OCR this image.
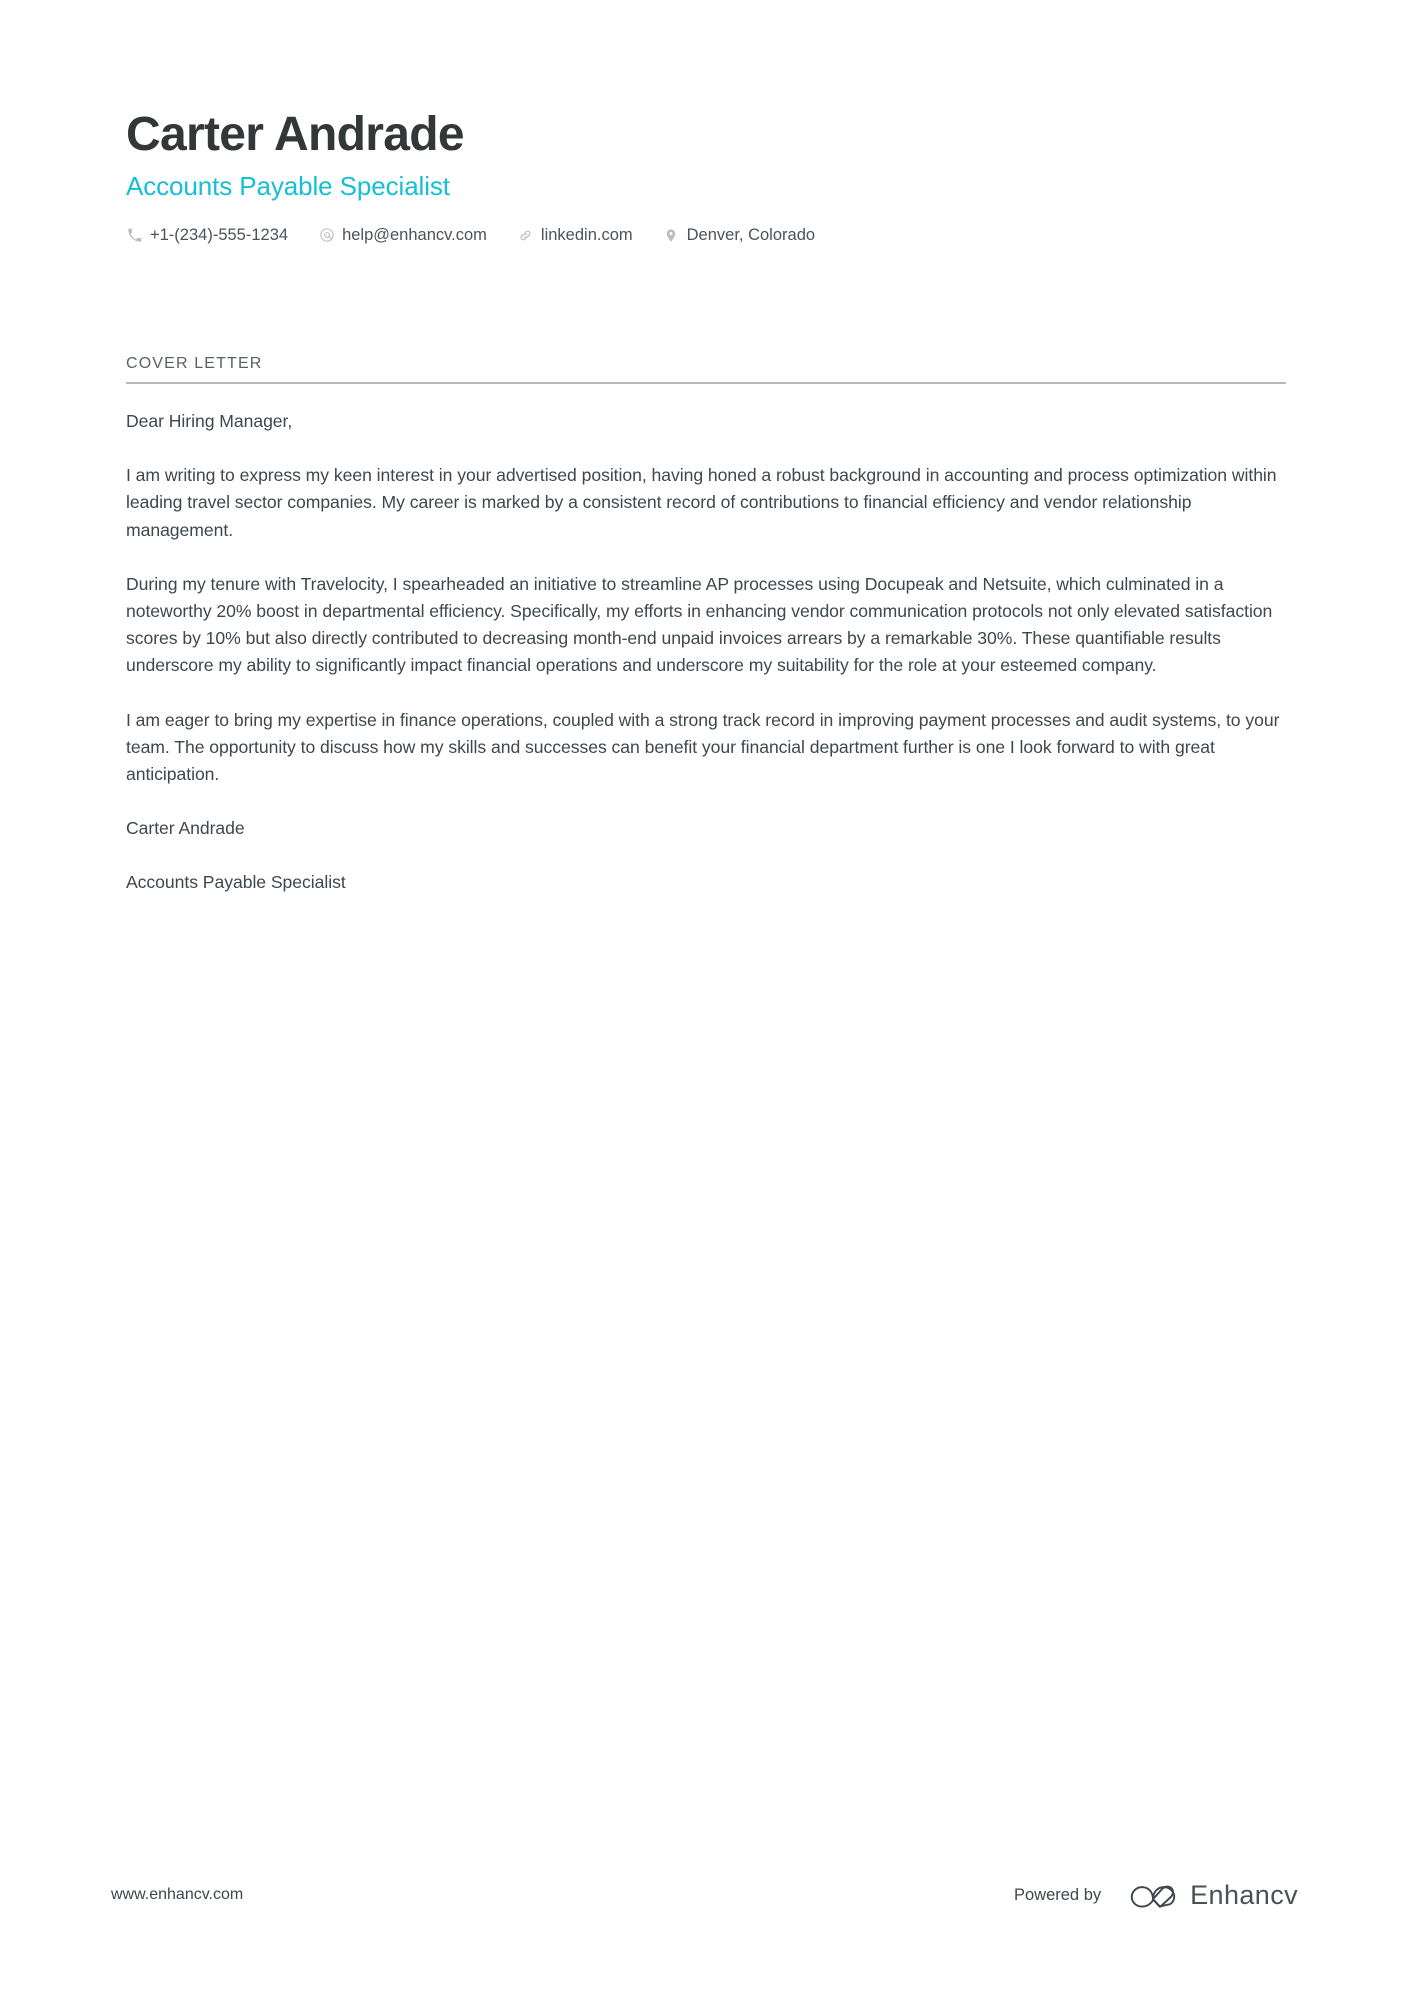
Carter Andrade
Accounts Payable Specialist
+1-(234)-555-1234	help@enhancv.com	linkedin.com	Denver, Colorado
COVER LETTER

Dear Hiring Manager,

I am writing to express my keen interest in your advertised position, having honed a robust background in accounting and process optimization within leading travel sector companies. My career is marked by a consistent record of contributions to financial efficiency and vendor relationship management.

During my tenure with Travelocity, I spearheaded an initiative to streamline AP processes using Docupeak and Netsuite, which culminated in a noteworthy 20% boost in departmental efficiency. Specifically, my efforts in enhancing vendor communication protocols not only elevated satisfaction scores by 10% but also directly contributed to decreasing month-end unpaid invoices arrears by a remarkable 30%. These quantifiable results underscore my ability to significantly impact financial operations and underscore my suitability for the role at your esteemed company.

I am eager to bring my expertise in finance operations, coupled with a strong track record in improving payment processes and audit systems, to your team. The opportunity to discuss how my skills and successes can benefit your financial department further is one I look forward to with great anticipation.

Carter Andrade

Accounts Payable Specialist

www.enhancv.com	Powered by	Enhancv
